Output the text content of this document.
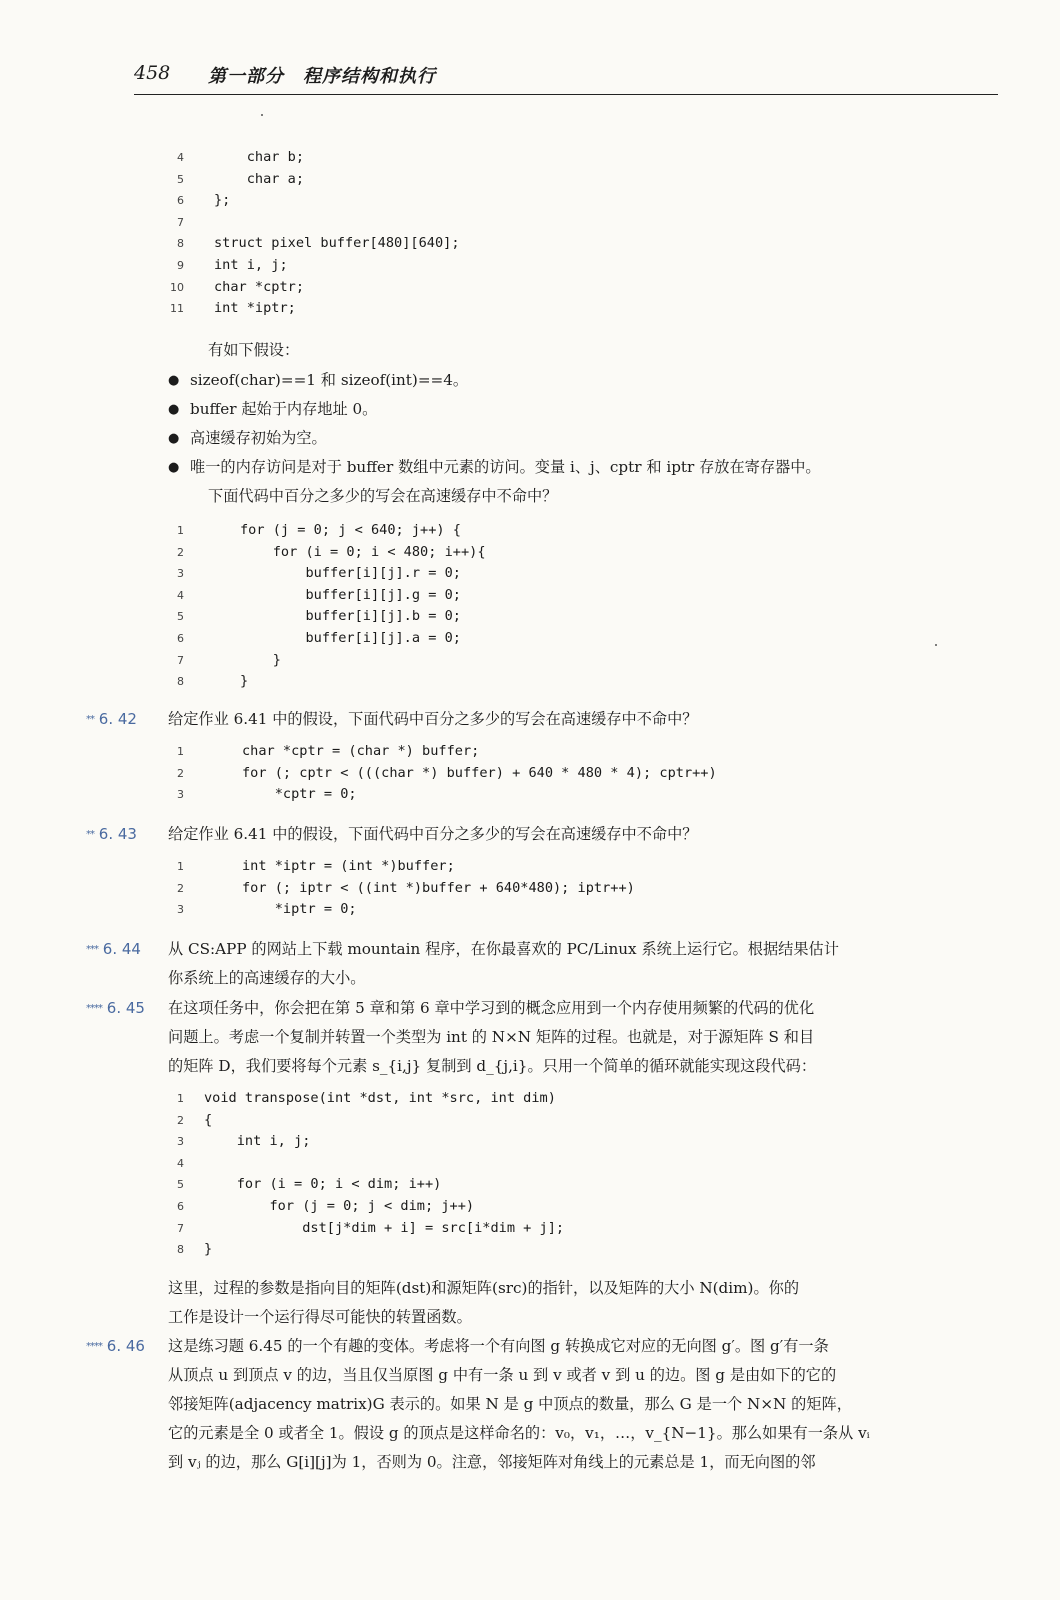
458 第一部分　程序结构和执行
4 char b;
5 char a;
6 };
7
8 struct pixel buffer[480][640];
9 int i, j;
10 char *cptr;
11 int *iptr;
有如下假设：
● sizeof(char)==1 和 sizeof(int)==4。
● buffer 起始于内存地址 0。
● 高速缓存初始为空。
● 唯一的内存访问是对于 buffer 数组中元素的访问。变量 i、j、cptr 和 iptr 存放在寄存器中。
下面代码中百分之多少的写会在高速缓存中不命中？
1	for (j = 0; j < 640; j++) {
2	for (i = 0; i < 480; i++){
3	buffer[i][j].r = 0;
4	buffer[i][j].g = 0;
5	buffer[i][j].b = 0;
6	buffer[i][j].a = 0;
7	}
8	}
** 6. 42	给定作业 6.41 中的假设，下面代码中百分之多少的写会在高速缓存中不命中？
1	char *cptr = (char *) buffer;
2	for (; cptr < (((char *) buffer) + 640 * 480 * 4); cptr++)
3	*cptr = 0;
** 6. 43	给定作业 6.41 中的假设，下面代码中百分之多少的写会在高速缓存中不命中？
1	int *iptr = (int *)buffer;
2	for (; iptr < ((int *)buffer + 640*480); iptr++)
3	*iptr = 0;
*** 6. 44	从 CS:APP 的网站上下载 mountain 程序，在你最喜欢的 PC/Linux 系统上运行它。根据结果估计
你系统上的高速缓存的大小。
**** 6. 45	在这项任务中，你会把在第 5 章和第 6 章中学习到的概念应用到一个内存使用频繁的代码的优化
问题上。考虑一个复制并转置一个类型为 int 的 N×N 矩阵的过程。也就是，对于源矩阵 S 和目
的矩阵 D，我们要将每个元素 s_{i,j} 复制到 d_{j,i}。只用一个简单的循环就能实现这段代码：
1 void transpose(int *dst, int *src, int dim)
2 {
3 int i, j;
4
5 for (i = 0; i < dim; i++)
6 for (j = 0; j < dim; j++)
7 dst[j*dim + i] = src[i*dim + j];
8 }
这里，过程的参数是指向目的矩阵(dst)和源矩阵(src)的指针，以及矩阵的大小 N(dim)。你的
工作是设计一个运行得尽可能快的转置函数。
**** 6. 46	这是练习题 6.45 的一个有趣的变体。考虑将一个有向图 g 转换成它对应的无向图 g′。图 g′有一条
从顶点 u 到顶点 v 的边，当且仅当原图 g 中有一条 u 到 v 或者 v 到 u 的边。图 g 是由如下的它的
邻接矩阵(adjacency matrix)G 表示的。如果 N 是 g 中顶点的数量，那么 G 是一个 N×N 的矩阵，
它的元素是全 0 或者全 1。假设 g 的顶点是这样命名的：v₀，v₁，…，v_{N−1}。那么如果有一条从 vᵢ
到 vⱼ 的边，那么 G[i][j]为 1，否则为 0。注意，邻接矩阵对角线上的元素总是 1，而无向图的邻
